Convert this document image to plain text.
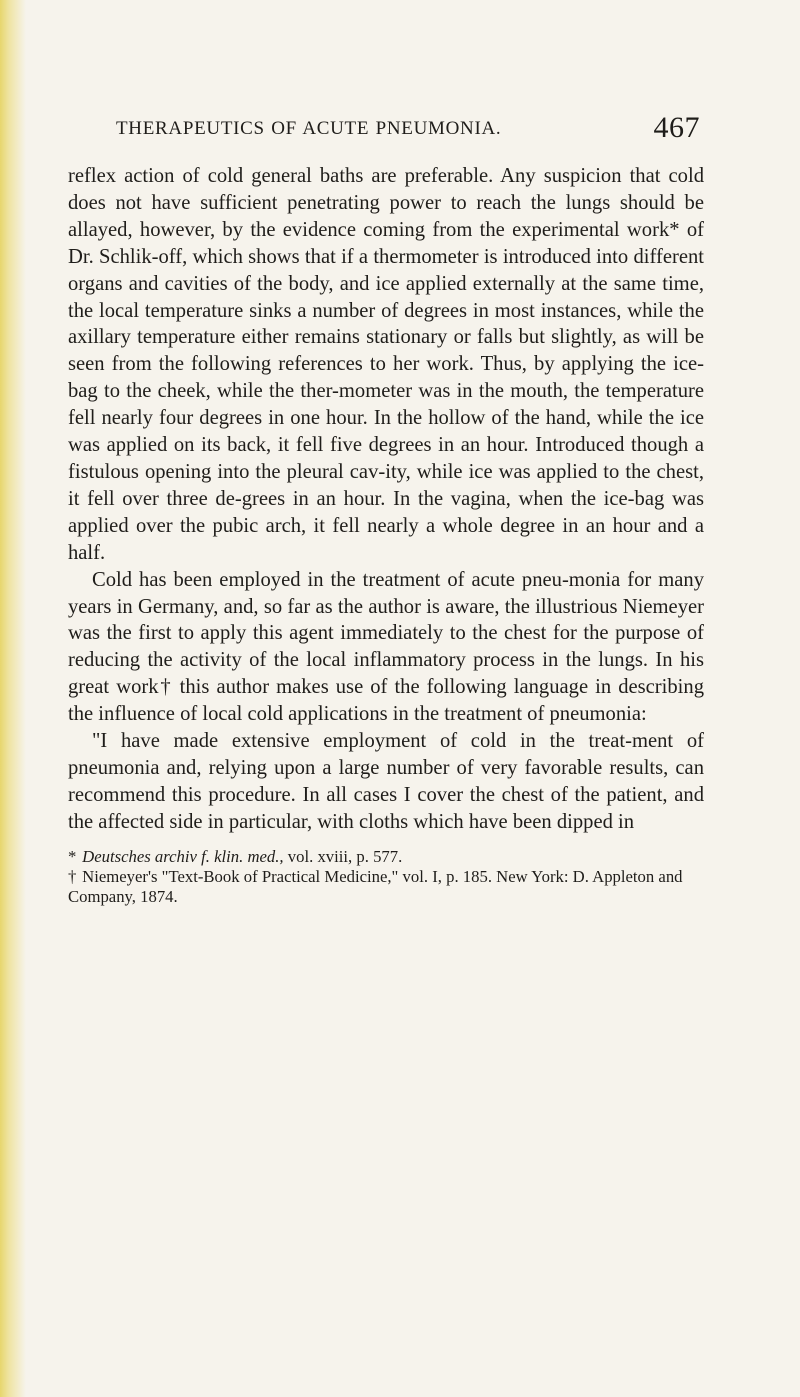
THERAPEUTICS OF ACUTE PNEUMONIA.	467

reflex action of cold general baths are preferable. Any suspicion that cold does not have sufficient penetrating power to reach the lungs should be allayed, however, by the evidence coming from the experimental work* of Dr. Schlik-off, which shows that if a thermometer is introduced into different organs and cavities of the body, and ice applied externally at the same time, the local temperature sinks a number of degrees in most instances, while the axillary temperature either remains stationary or falls but slightly, as will be seen from the following references to her work. Thus, by applying the ice-bag to the cheek, while the ther-mometer was in the mouth, the temperature fell nearly four degrees in one hour. In the hollow of the hand, while the ice was applied on its back, it fell five degrees in an hour. Introduced though a fistulous opening into the pleural cav-ity, while ice was applied to the chest, it fell over three de-grees in an hour. In the vagina, when the ice-bag was applied over the pubic arch, it fell nearly a whole degree in an hour and a half.

Cold has been employed in the treatment of acute pneu-monia for many years in Germany, and, so far as the author is aware, the illustrious Niemeyer was the first to apply this agent immediately to the chest for the purpose of reducing the activity of the local inflammatory process in the lungs. In his great work† this author makes use of the following language in describing the influence of local cold applications in the treatment of pneumonia:

"I have made extensive employment of cold in the treat-ment of pneumonia and, relying upon a large number of very favorable results, can recommend this procedure. In all cases I cover the chest of the patient, and the affected side in particular, with cloths which have been dipped in

* Deutsches archiv f. klin. med., vol. xviii, p. 577.

† Niemeyer's "Text-Book of Practical Medicine," vol. I, p. 185. New York: D. Appleton and Company, 1874.
